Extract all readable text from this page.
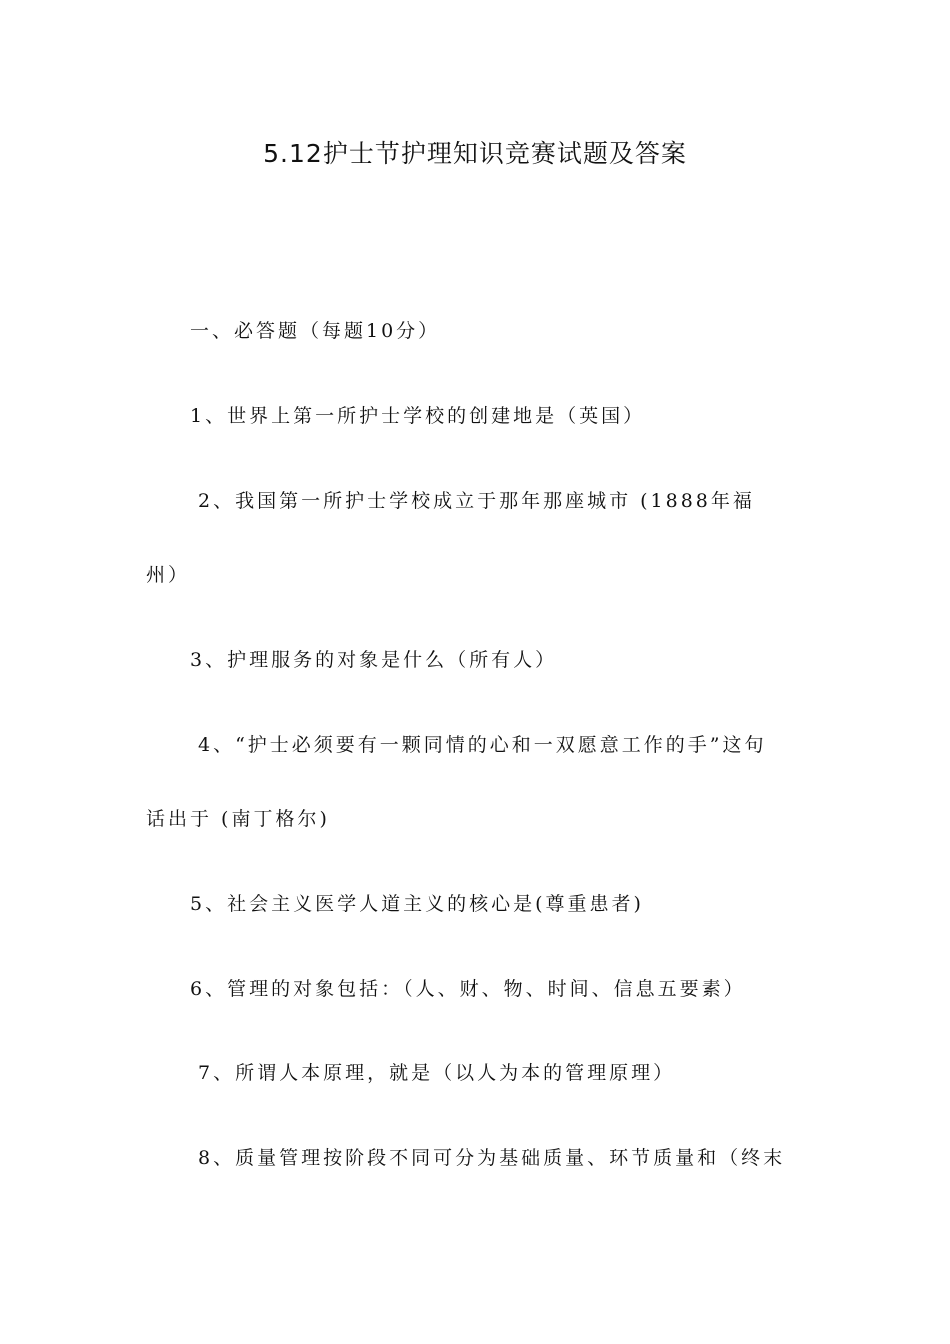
5.12护士节护理知识竞赛试题及答案
一、必答题（每题10分）
1、世界上第一所护士学校的创建地是（英国）
2、我国第一所护士学校成立于那年那座城市 (1888年福
州）
3、护理服务的对象是什么（所有人）
4、“护士必须要有一颗同情的心和一双愿意工作的手”这句
话出于 (南丁格尔)
5、社会主义医学人道主义的核心是(尊重患者)
6、管理的对象包括：（人、财、物、时间、信息五要素）
7、所谓人本原理，就是（以人为本的管理原理）
8、质量管理按阶段不同可分为基础质量、环节质量和（终末
